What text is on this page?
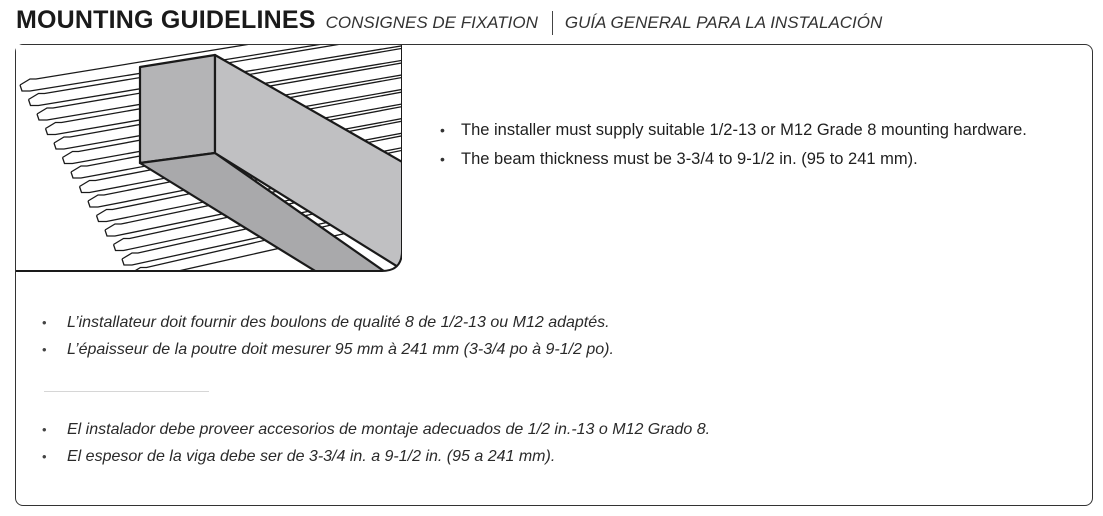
MOUNTING GUIDELINES CONSIGNES DE FIXATION GUÍA GENERAL PARA LA INSTALACIÓN
• The installer must supply suitable 1/2-13 or M12 Grade 8 mounting hardware.
• The beam thickness must be 3-3/4 to 9-1/2 in. (95 to 241 mm).
• L’installateur doit fournir des boulons de qualité 8 de 1/2-13 ou M12 adaptés.
• L’épaisseur de la poutre doit mesurer 95 mm à 241 mm (3-3/4 po à 9-1/2 po).
• El instalador debe proveer accesorios de montaje adecuados de 1/2 in.-13 o M12 Grado 8.
• El espesor de la viga debe ser de 3-3/4 in. a 9-1/2 in. (95 a 241 mm).
